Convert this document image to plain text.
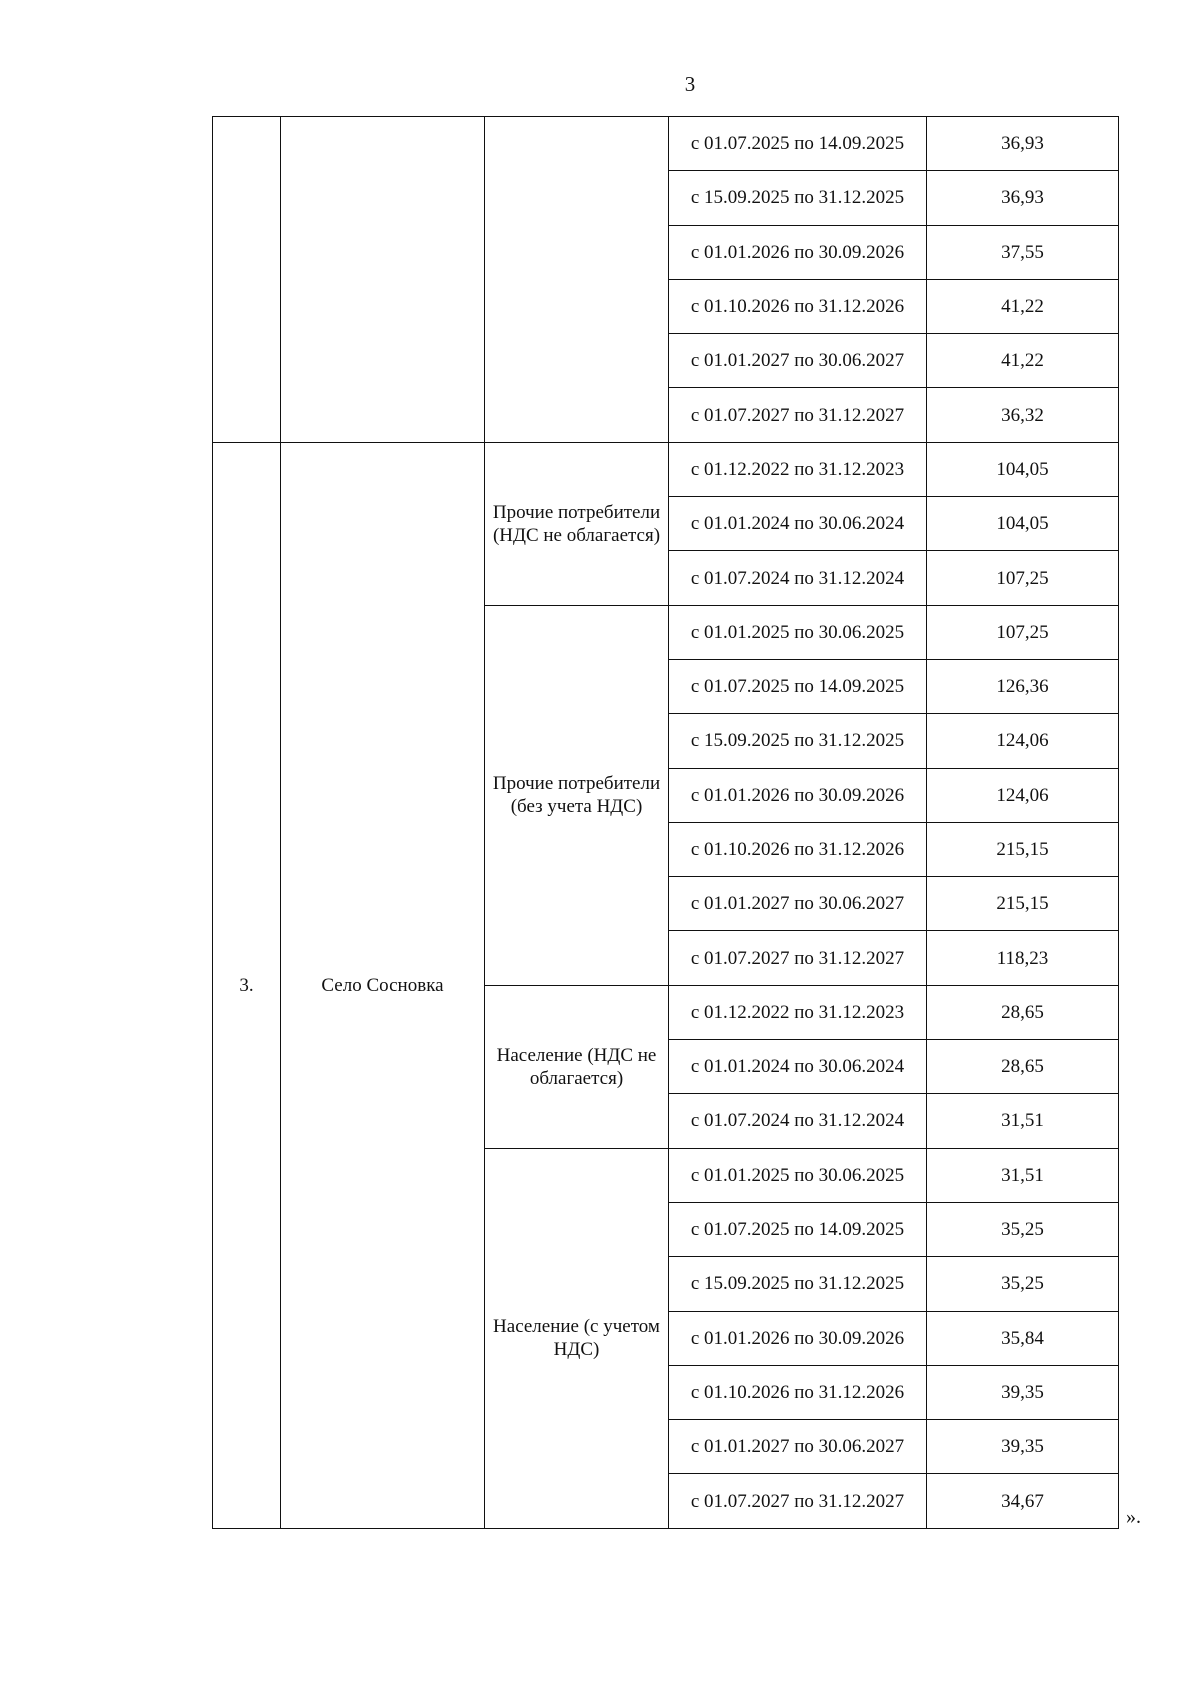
3
			с 01.07.2025 по 14.09.2025	36,93
			с 15.09.2025 по 31.12.2025	36,93
			с 01.01.2026 по 30.09.2026	37,55
			с 01.10.2026 по 31.12.2026	41,22
			с 01.01.2027 по 30.06.2027	41,22
			с 01.07.2027 по 31.12.2027	36,32
3.	Село Сосновка	Прочие потребители (НДС не облагается)	с 01.12.2022 по 31.12.2023	104,05
			с 01.01.2024 по 30.06.2024	104,05
			с 01.07.2024 по 31.12.2024	107,25
		Прочие потребители (без учета НДС)	с 01.01.2025 по 30.06.2025	107,25
			с 01.07.2025 по 14.09.2025	126,36
			с 15.09.2025 по 31.12.2025	124,06
			с 01.01.2026 по 30.09.2026	124,06
			с 01.10.2026 по 31.12.2026	215,15
			с 01.01.2027 по 30.06.2027	215,15
			с 01.07.2027 по 31.12.2027	118,23
		Население (НДС не облагается)	с 01.12.2022 по 31.12.2023	28,65
			с 01.01.2024 по 30.06.2024	28,65
			с 01.07.2024 по 31.12.2024	31,51
		Население (с учетом НДС)	с 01.01.2025 по 30.06.2025	31,51
			с 01.07.2025 по 14.09.2025	35,25
			с 15.09.2025 по 31.12.2025	35,25
			с 01.01.2026 по 30.09.2026	35,84
			с 01.10.2026 по 31.12.2026	39,35
			с 01.01.2027 по 30.06.2027	39,35
			с 01.07.2027 по 31.12.2027	34,67
».
